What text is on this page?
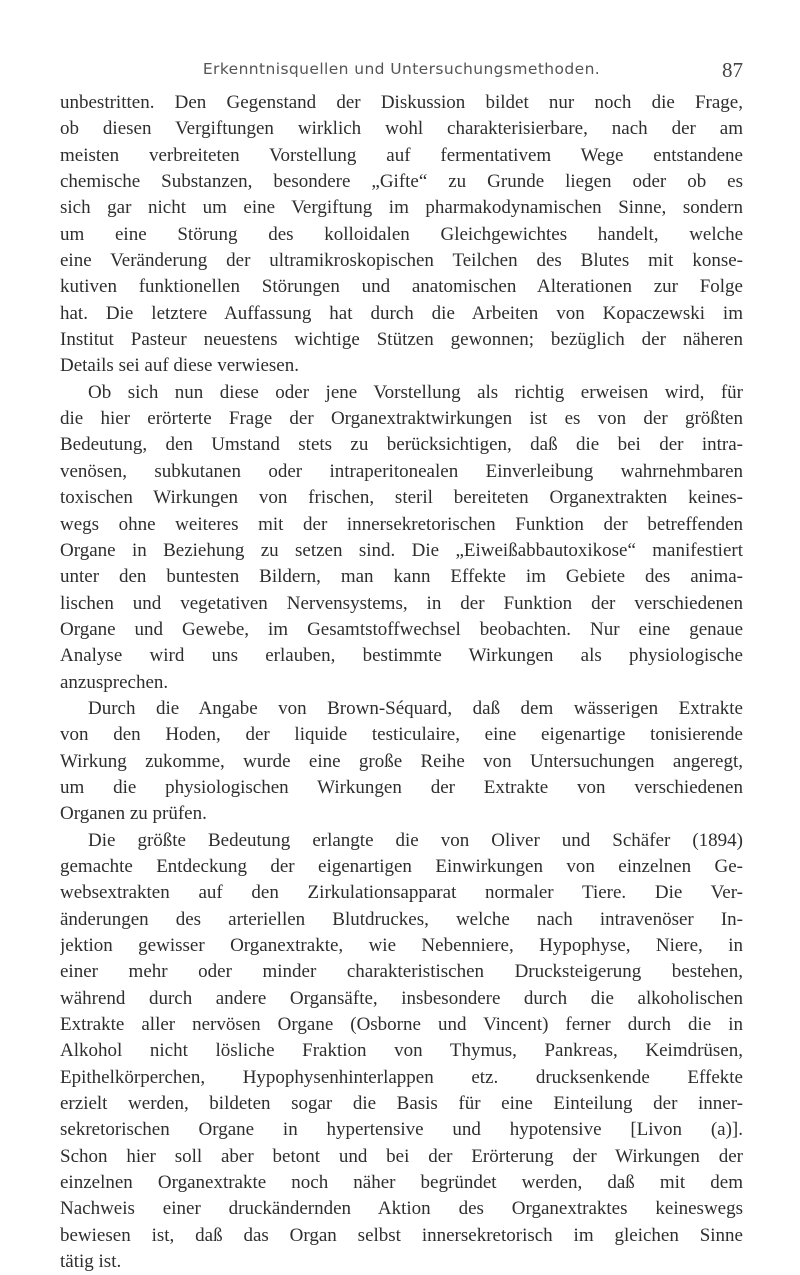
Erkenntnisquellen und Untersuchungsmethoden.	87
unbestritten. Den Gegenstand der Diskussion bildet nur noch die Frage,
ob diesen Vergiftungen wirklich wohl charakterisierbare, nach der am
meisten verbreiteten Vorstellung auf fermentativem Wege entstandene
chemische Substanzen, besondere „Gifte“ zu Grunde liegen oder ob es
sich gar nicht um eine Vergiftung im pharmakodynamischen Sinne, sondern
um eine Störung des kolloidalen Gleichgewichtes handelt, welche
eine Veränderung der ultramikroskopischen Teilchen des Blutes mit konse-
kutiven funktionellen Störungen und anatomischen Alterationen zur Folge
hat. Die letztere Auffassung hat durch die Arbeiten von Kopaczewski im
Institut Pasteur neuestens wichtige Stützen gewonnen; bezüglich der näheren
Details sei auf diese verwiesen.
Ob sich nun diese oder jene Vorstellung als richtig erweisen wird, für
die hier erörterte Frage der Organextraktwirkungen ist es von der größten
Bedeutung, den Umstand stets zu berücksichtigen, daß die bei der intra-
venösen, subkutanen oder intraperitonealen Einverleibung wahrnehmbaren
toxischen Wirkungen von frischen, steril bereiteten Organextrakten keines-
wegs ohne weiteres mit der innersekretorischen Funktion der betreffenden
Organe in Beziehung zu setzen sind. Die „Eiweißabbautoxikose“ manifestiert
unter den buntesten Bildern, man kann Effekte im Gebiete des anima-
lischen und vegetativen Nervensystems, in der Funktion der verschiedenen
Organe und Gewebe, im Gesamtstoffwechsel beobachten. Nur eine genaue
Analyse wird uns erlauben, bestimmte Wirkungen als physiologische
anzusprechen.
Durch die Angabe von Brown-Séquard, daß dem wässerigen Extrakte
von den Hoden, der liquide testiculaire, eine eigenartige tonisierende
Wirkung zukomme, wurde eine große Reihe von Untersuchungen angeregt,
um die physiologischen Wirkungen der Extrakte von verschiedenen
Organen zu prüfen.
Die größte Bedeutung erlangte die von Oliver und Schäfer (1894)
gemachte Entdeckung der eigenartigen Einwirkungen von einzelnen Ge-
websextrakten auf den Zirkulationsapparat normaler Tiere. Die Ver-
änderungen des arteriellen Blutdruckes, welche nach intravenöser In-
jektion gewisser Organextrakte, wie Nebenniere, Hypophyse, Niere, in
einer mehr oder minder charakteristischen Drucksteigerung bestehen,
während durch andere Organsäfte, insbesondere durch die alkoholischen
Extrakte aller nervösen Organe (Osborne und Vincent) ferner durch die in
Alkohol nicht lösliche Fraktion von Thymus, Pankreas, Keimdrüsen,
Epithelkörperchen, Hypophysenhinterlappen etz. drucksenkende Effekte
erzielt werden, bildeten sogar die Basis für eine Einteilung der inner-
sekretorischen Organe in hypertensive und hypotensive [Livon (a)].
Schon hier soll aber betont und bei der Erörterung der Wirkungen der
einzelnen Organextrakte noch näher begründet werden, daß mit dem
Nachweis einer druckändernden Aktion des Organextraktes keineswegs
bewiesen ist, daß das Organ selbst innersekretorisch im gleichen Sinne
tätig ist.
